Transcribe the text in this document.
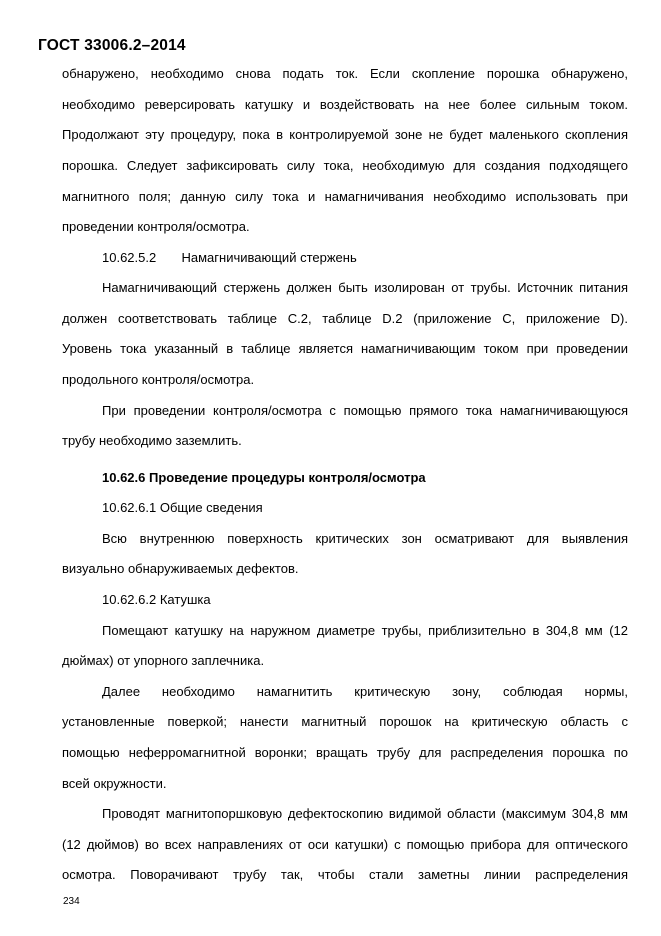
ГОСТ 33006.2–2014
обнаружено, необходимо снова подать ток. Если скопление порошка обнаружено,
необходимо реверсировать катушку и воздействовать на нее более сильным током.
Продолжают эту процедуру, пока в контролируемой зоне не будет маленького скопления
порошка. Следует зафиксировать силу тока, необходимую для создания подходящего
магнитного поля; данную силу тока и намагничивания необходимо использовать при
проведении контроля/осмотра.
10.62.5.2       Намагничивающий стержень
Намагничивающий стержень должен быть изолирован от трубы. Источник питания
должен соответствовать таблице С.2, таблице D.2 (приложение С, приложение D).
Уровень тока указанный в таблице является намагничивающим током при проведении
продольного контроля/осмотра.
При проведении контроля/осмотра с помощью прямого тока намагничивающуюся
трубу необходимо заземлить.
10.62.6 Проведение процедуры контроля/осмотра
10.62.6.1 Общие сведения
Всю внутреннюю поверхность критических зон осматривают для выявления
визуально обнаруживаемых дефектов.
10.62.6.2 Катушка
Помещают катушку на наружном диаметре трубы, приблизительно в 304,8 мм (12
дюймах) от упорного заплечника.
Далее необходимо намагнитить критическую зону, соблюдая нормы,
установленные поверкой; нанести магнитный порошок на критическую область с
помощью неферромагнитной воронки; вращать трубу для распределения порошка по
всей окружности.
Проводят магнитопоршковую дефектоскопию видимой области (максимум 304,8 мм
(12 дюймов) во всех направлениях от оси катушки) с помощью прибора для оптического
осмотра. Поворачивают трубу так, чтобы стали заметны линии распределения
234
